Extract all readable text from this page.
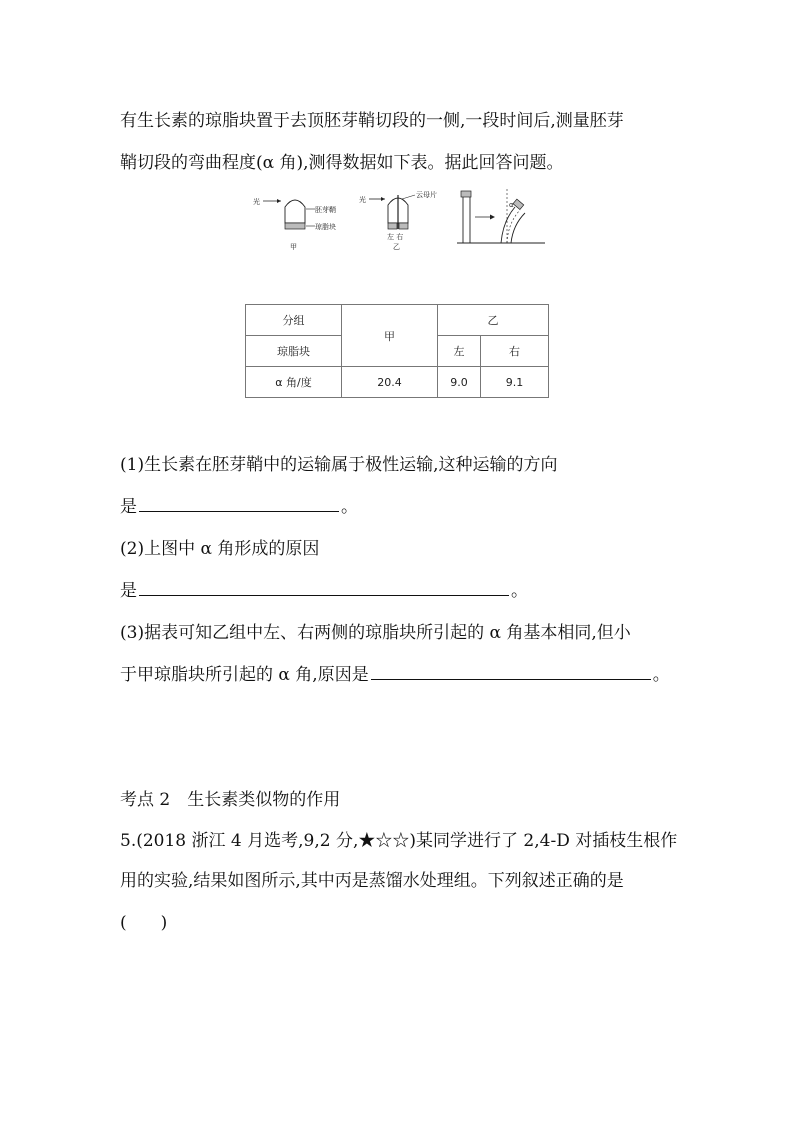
有生长素的琼脂块置于去顶胚芽鞘切段的一侧,一段时间后,测量胚芽
鞘切段的弯曲程度(α 角),测得数据如下表。据此回答问题。
光
胚芽鞘
琼脂块
甲
光
云母片
左 右
乙
α
分组	甲	乙	
琼脂块		左	右
α 角/度	20.4	9.0	9.1
(1)生长素在胚芽鞘中的运输属于极性运输,这种运输的方向
是	。
(2)上图中 α 角形成的原因
是	。
(3)据表可知乙组中左、右两侧的琼脂块所引起的 α 角基本相同,但小
于甲琼脂块所引起的 α 角,原因是	。
考点 2　生长素类似物的作用
5.(2018 浙江 4 月选考,9,2 分,★☆☆)某同学进行了 2,4-D 对插枝生根作
用的实验,结果如图所示,其中丙是蒸馏水处理组。下列叙述正确的是
(　　)
